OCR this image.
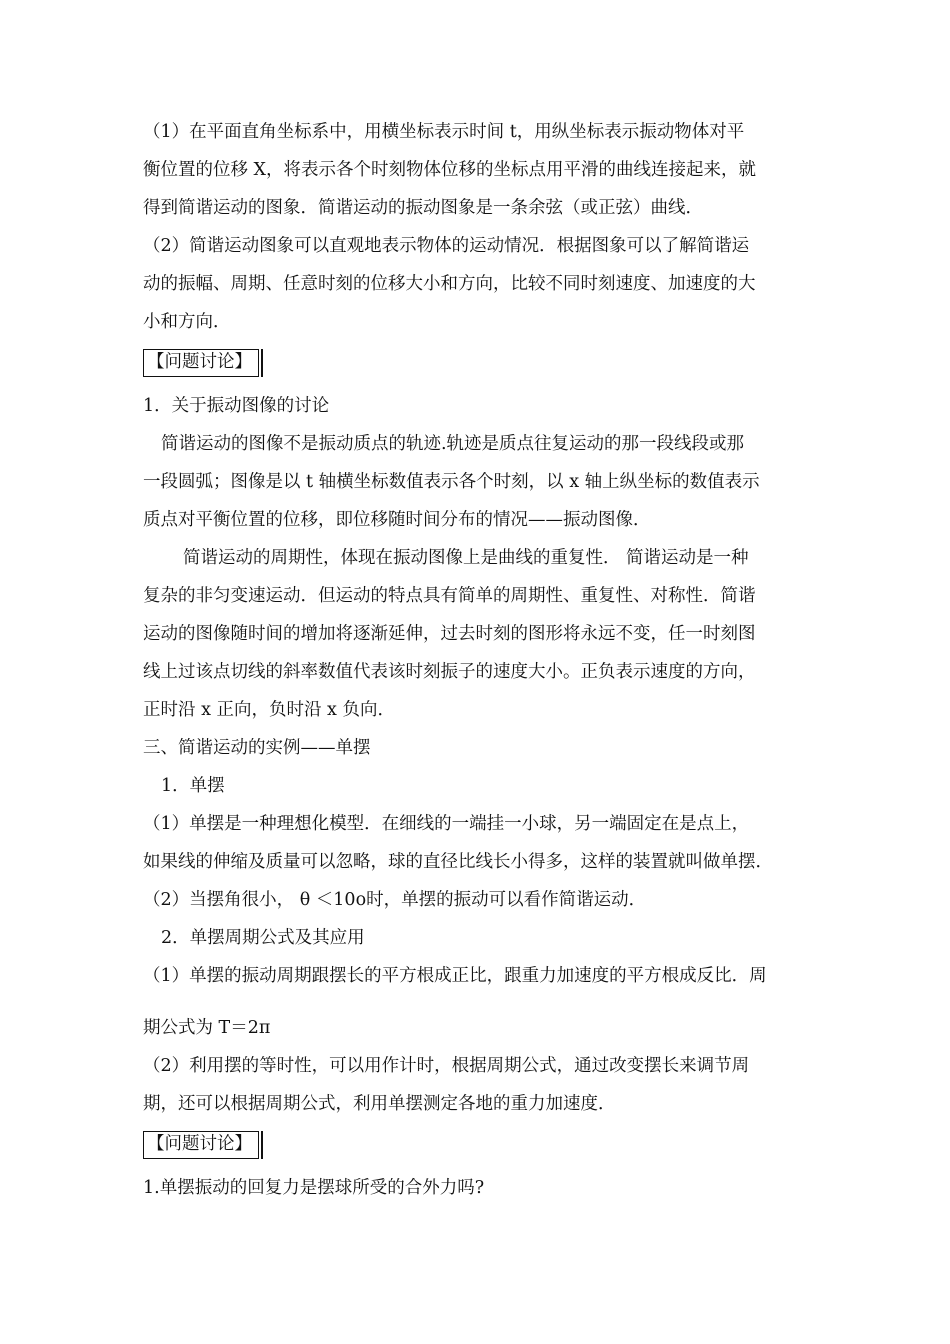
（1）在平面直角坐标系中，用横坐标表示时间 t，用纵坐标表示振动物体对平
衡位置的位移 X，将表示各个时刻物体位移的坐标点用平滑的曲线连接起来，就
得到简谐运动的图象．简谐运动的振动图象是一条余弦（或正弦）曲线．
（2）简谐运动图象可以直观地表示物体的运动情况．根据图象可以了解简谐运
动的振幅、周期、任意时刻的位移大小和方向，比较不同时刻速度、加速度的大
小和方向．
【问题讨论】
1．关于振动图像的讨论
简谐运动的图像不是振动质点的轨迹.轨迹是质点往复运动的那一段线段或那
一段圆弧；图像是以 t 轴横坐标数值表示各个时刻，以 x 轴上纵坐标的数值表示
质点对平衡位置的位移，即位移随时间分布的情况——振动图像．
简谐运动的周期性，体现在振动图像上是曲线的重复性． 简谐运动是一种
复杂的非匀变速运动．但运动的特点具有简单的周期性、重复性、对称性．简谐
运动的图像随时间的增加将逐渐延伸，过去时刻的图形将永远不变，任一时刻图
线上过该点切线的斜率数值代表该时刻振子的速度大小。正负表示速度的方向，
正时沿 x 正向，负时沿 x 负向．
三、简谐运动的实例——单摆
1．单摆
（1）单摆是一种理想化模型．在细线的一端挂一小球，另一端固定在是点上，
如果线的伸缩及质量可以忽略，球的直径比线长小得多，这样的装置就叫做单摆．
（2）当摆角很小， θ ＜10o时，单摆的振动可以看作简谐运动．
2．单摆周期公式及其应用
（1）单摆的振动周期跟摆长的平方根成正比，跟重力加速度的平方根成反比．周
期公式为 T＝2π
（2）利用摆的等时性，可以用作计时，根据周期公式，通过改变摆长来调节周
期，还可以根据周期公式，利用单摆测定各地的重力加速度．
【问题讨论】
1.单摆振动的回复力是摆球所受的合外力吗?
